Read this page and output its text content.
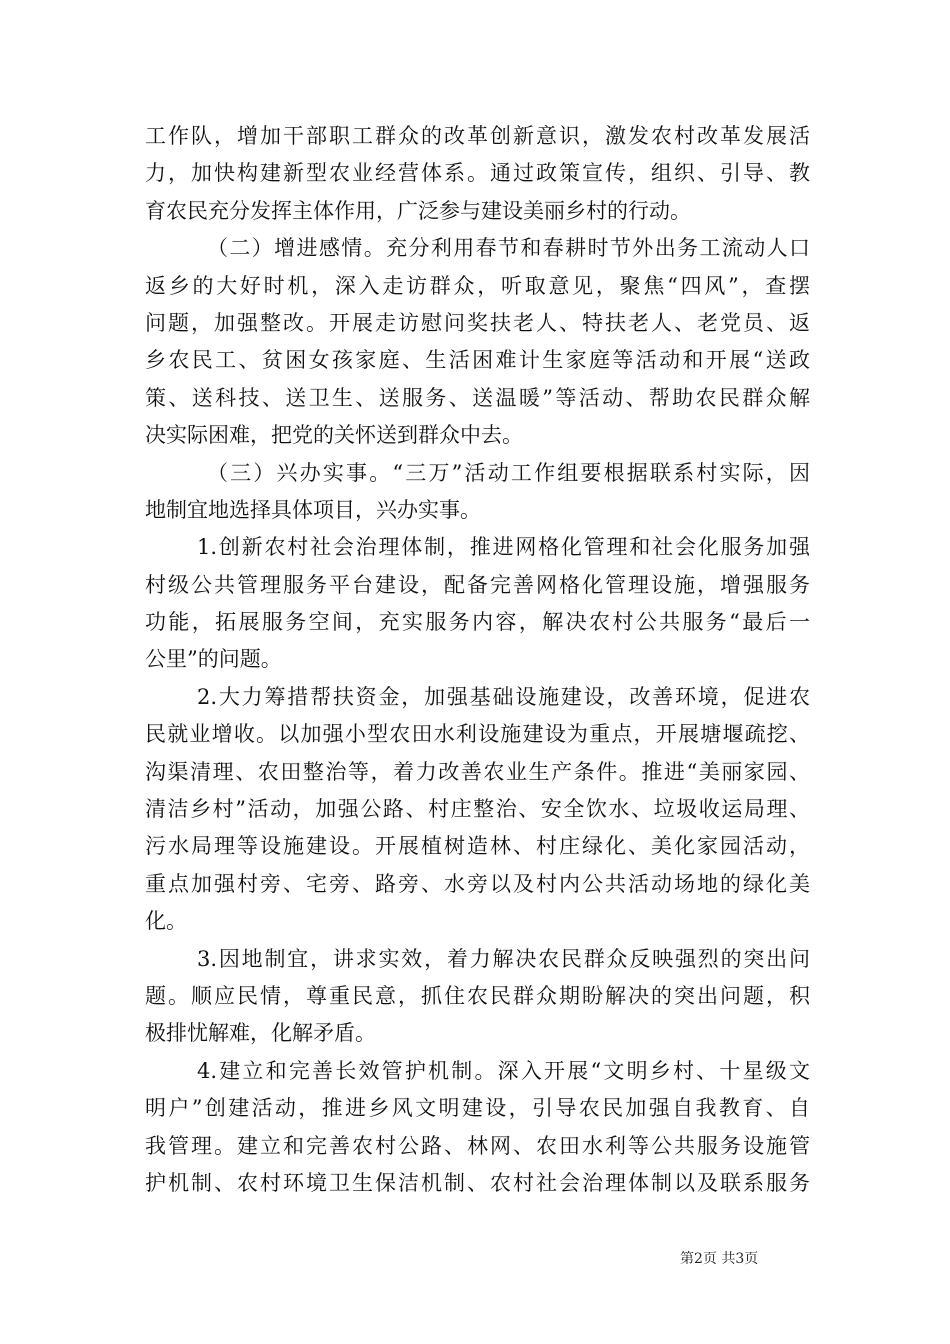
工作队，增加干部职工群众的改革创新意识，激发农村改革发展活
力，加快构建新型农业经营体系。通过政策宣传，组织、引导、教
育农民充分发挥主体作用，广泛参与建设美丽乡村的行动。
（二）增进感情。充分利用春节和春耕时节外出务工流动人口
返乡的大好时机，深入走访群众，听取意见，聚焦“四风”，查摆
问题，加强整改。开展走访慰问奖扶老人、特扶老人、老党员、返
乡农民工、贫困女孩家庭、生活困难计生家庭等活动和开展“送政
策、送科技、送卫生、送服务、送温暖”等活动、帮助农民群众解
决实际困难，把党的关怀送到群众中去。
（三）兴办实事。“三万”活动工作组要根据联系村实际，因
地制宜地选择具体项目，兴办实事。
1.创新农村社会治理体制，推进网格化管理和社会化服务加强
村级公共管理服务平台建设，配备完善网格化管理设施，增强服务
功能，拓展服务空间，充实服务内容，解决农村公共服务“最后一
公里”的问题。
2.大力筹措帮扶资金，加强基础设施建设，改善环境，促进农
民就业增收。以加强小型农田水利设施建设为重点，开展塘堰疏挖、
沟渠清理、农田整治等，着力改善农业生产条件。推进“美丽家园、
清洁乡村”活动，加强公路、村庄整治、安全饮水、垃圾收运局理、
污水局理等设施建设。开展植树造林、村庄绿化、美化家园活动，
重点加强村旁、宅旁、路旁、水旁以及村内公共活动场地的绿化美
化。
3.因地制宜，讲求实效，着力解决农民群众反映强烈的突出问
题。顺应民情，尊重民意，抓住农民群众期盼解决的突出问题，积
极排忧解难，化解矛盾。
4.建立和完善长效管护机制。深入开展“文明乡村、十星级文
明户”创建活动，推进乡风文明建设，引导农民加强自我教育、自
我管理。建立和完善农村公路、林网、农田水利等公共服务设施管
护机制、农村环境卫生保洁机制、农村社会治理体制以及联系服务
第2页 共3页
